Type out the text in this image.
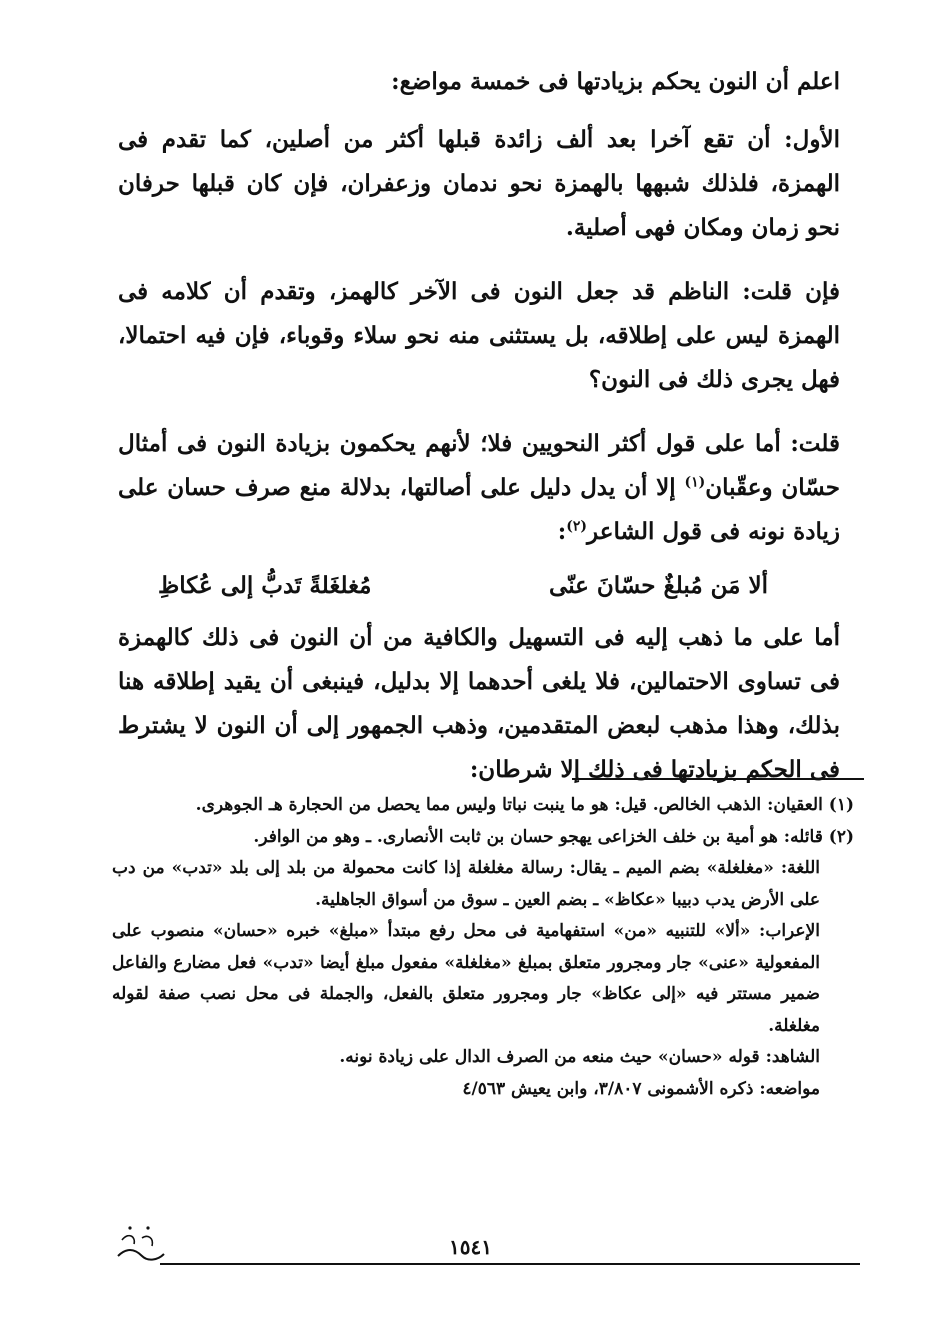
اعلم أن النون يحكم بزيادتها فى خمسة مواضع:

الأول: أن تقع آخرا بعد ألف زائدة قبلها أكثر من أصلين، كما تقدم فى الهمزة، فلذلك شبهها بالهمزة نحو ندمان وزعفران، فإن كان قبلها حرفان نحو زمان ومكان فهى أصلية.

فإن قلت: الناظم قد جعل النون فى الآخر كالهمز، وتقدم أن كلامه فى الهمزة ليس على إطلاقه، بل يستثنى منه نحو سلاء وقوباء، فإن فيه احتمالا، فهل يجرى ذلك فى النون؟

قلت: أما على قول أكثر النحويين فلا؛ لأنهم يحكمون بزيادة النون فى أمثال حسّان وعقّبان$^{(١)}$ إلا أن يدل دليل على أصالتها، بدلالة منع صرف حسان على زيادة نونه فى قول الشاعر$^{(٢)}$:

ألا مَن مُبلغٌ حسّانَ عنّى
مُغلغَلةً تَدبُّ إلى عُكاظِ

أما على ما ذهب إليه فى التسهيل والكافية من أن النون فى ذلك كالهمزة فى تساوى الاحتمالين، فلا يلغى أحدهما إلا بدليل، فينبغى أن يقيد إطلاقه هنا بذلك، وهذا مذهب لبعض المتقدمين، وذهب الجمهور إلى أن النون لا يشترط فى الحكم بزيادتها فى ذلك إلا شرطان:

(١) العقيان: الذهب الخالص. قيل: هو ما ينبت نباتا وليس مما يحصل من الحجارة هـ الجوهرى.

(٢) قائله: هو أمية بن خلف الخزاعى يهجو حسان بن ثابت الأنصارى. ـ وهو من الوافر.

اللغة: «مغلغلة» بضم الميم ـ يقال: رسالة مغلغلة إذا كانت محمولة من بلد إلى بلد «تدب» من دب على الأرض يدب دبيبا «عكاظ» ـ بضم العين ـ سوق من أسواق الجاهلية.

الإعراب: «ألا» للتنبيه «من» استفهامية فى محل رفع مبتدأ «مبلغ» خبره «حسان» منصوب على المفعولية «عنى» جار ومجرور متعلق بمبلغ «مغلغلة» مفعول مبلغ أيضا «تدب» فعل مضارع والفاعل ضمير مستتر فيه «إلى عكاظ» جار ومجرور متعلق بالفعل، والجملة فى محل نصب صفة لقوله مغلغلة.

الشاهد: قوله «حسان» حيث منعه من الصرف الدال على زيادة نونه.

مواضعه: ذكره الأشمونى ٣/٨٠٧، وابن يعيش ٤/٥٦٣

١٥٤١
